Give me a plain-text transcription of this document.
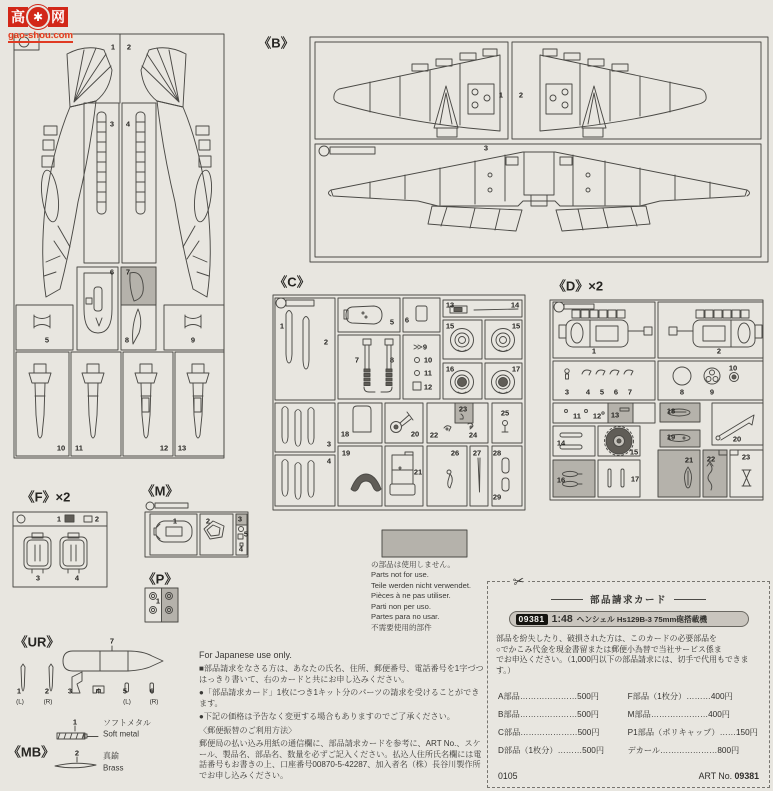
《B》
《C》	《D》×2
《F》×2	《M》
《P》
《UR》
《MB》
1 2
3 4
5
6 7
8	9
10 11	12 13
1 2
3
1
2
3
4
5 6
7	8
9
10
11
12
13	14
15	15
16	17
18
19
20
21
22
23
24
25
26 27 28
29
1	2
3 4 5 6 7	8	9
10
11 12 13
14
15
16	17
18
19	20
21 22	23
1	2
3	4
1	2	3
5
4
1
7
1	2	3	4	5	6
(L)	(R)	(L)	(R)
1
2
ソフトメタル
Soft metal
真鍮
Brass
高 ✱ 网
gao-shou.com
の部品は使用しません。
Parts not for use.
Teile werden nicht verwendet.
Pièces à ne pas utiliser.
Parti non per uso.
Partes para no usar.
不需要使用的部件
For Japanese use only.
■部品請求をなさる方は、あなたの氏名、住所、郵便番号、電話番号を1字づつはっきり書いて、右のカードと共にお申し込みください。
●「部品請求カード」1枚につき1キット分のパーツの請求を受けることができます。
●下記の価格は予告なく変更する場合もありますのでご了承ください。
〈郵便振替のご利用方法〉
郵便局の払い込み用紙の通信欄に、部品請求カードを参考に、ART No.、スケール、製品名、部品名、数量を必ずご記入ください。払込人住所氏名欄には電話番号もお書きの上、口座番号00870-5-42287、加入者名（株）長谷川製作所でお申し込みください。
✂
部品請求カード
09381 1:48 ヘンシェル Hs129B-3 75mm砲搭載機
部品を紛失したり、破損された方は、このカードの必要部品を
○でかこみ代金を現金書留または郵便小為替で当社サービス係ま
でお申込ください。（1,000円以下の部品請求には、切手で代用もできます。）
A部品…………………500円	F部品（1枚分）………400円
B部品…………………500円	M部品…………………400円
C部品…………………500円	P1部品（ポリキャップ）……150円
D部品（1枚分）………500円	デカール…………………800円
0105	ART No. 09381
